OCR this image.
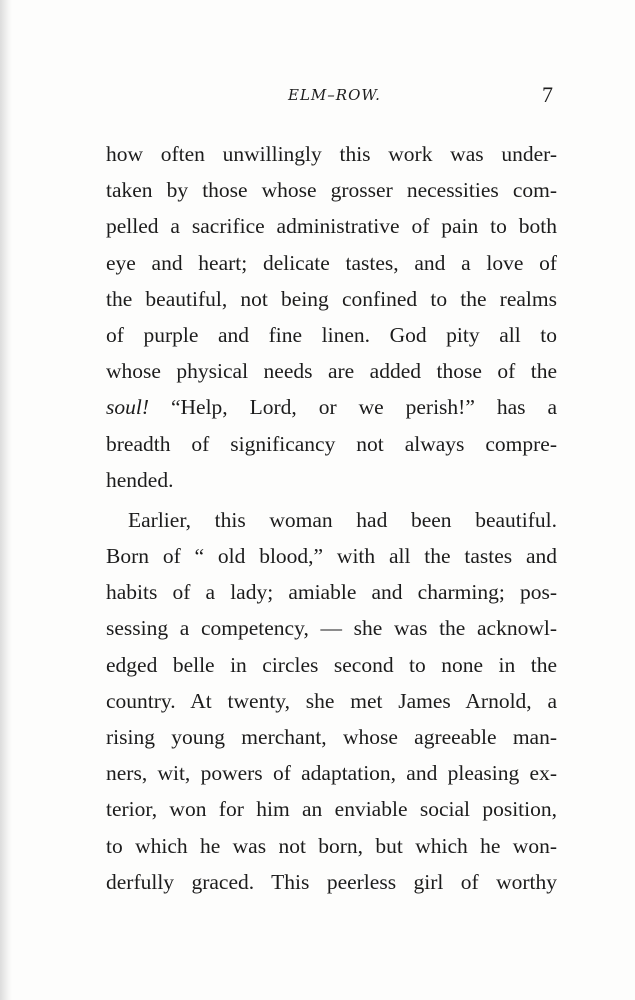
ELM–ROW.	7
how often unwillingly this work was under-
taken by those whose grosser necessities com-
pelled a sacrifice administrative of pain to both
eye and heart; delicate tastes, and a love of
the beautiful, not being confined to the realms
of purple and fine linen. God pity all to
whose physical needs are added those of the
soul! “Help, Lord, or we perish!” has a
breadth of significancy not always compre-
hended.
Earlier, this woman had been beautiful.
Born of “ old blood,” with all the tastes and
habits of a lady; amiable and charming; pos-
sessing a competency, — she was the acknowl-
edged belle in circles second to none in the
country. At twenty, she met James Arnold, a
rising young merchant, whose agreeable man-
ners, wit, powers of adaptation, and pleasing ex-
terior, won for him an enviable social position,
to which he was not born, but which he won-
derfully graced. This peerless girl of worthy
